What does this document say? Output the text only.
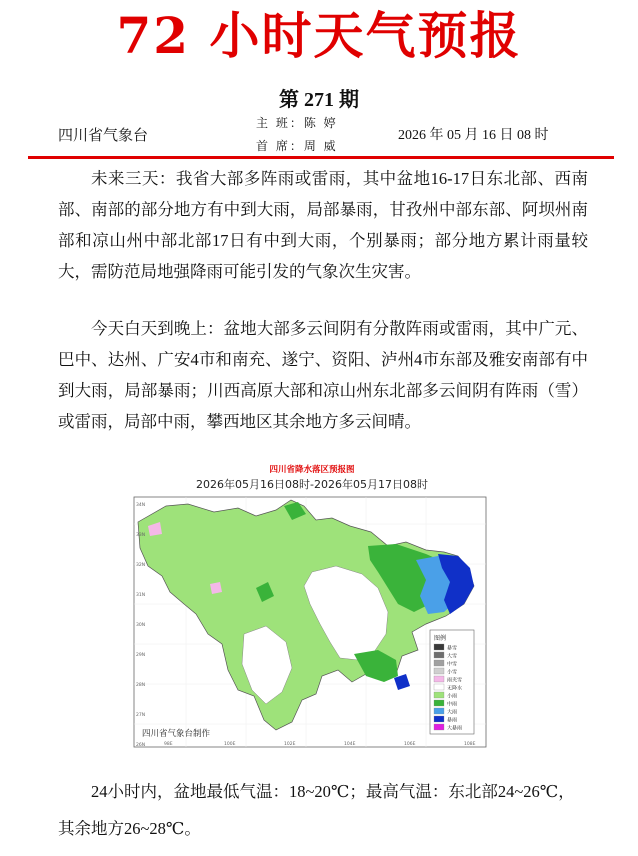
72 小时天气预报
第 271 期
四川省气象台
主 班：陈 婷
首 席：周 威
2026 年 05 月 16 日 08 时
未来三天：我省大部多阵雨或雷雨，其中盆地16-17日东北部、西南部、南部的部分地方有中到大雨，局部暴雨，甘孜州中部东部、阿坝州南部和凉山州中部北部17日有中到大雨，个别暴雨；部分地方累计雨量较大，需防范局地强降雨可能引发的气象次生灾害。
今天白天到晚上：盆地大部多云间阴有分散阵雨或雷雨，其中广元、巴中、达州、广安4市和南充、遂宁、资阳、泸州4市东部及雅安南部有中到大雨，局部暴雨；川西高原大部和凉山州东北部多云间阴有阵雨（雪）或雷雨，局部中雨，攀西地区其余地方多云间晴。
四川省降水落区预报图
2026年05月16日08时-2026年05月17日08时
图例
暴雪
大雪
中雪
小雪
雨夹雪
无降水
小雨
中雨
大雨
暴雨
大暴雨
四川省气象台制作
34N
33N
32N
31N
30N
29N
28N
27N
26N	98E	100E	102E	104E	106E	108E
24小时内，盆地最低气温：18~20℃；最高气温：东北部24~26℃，其余地方26~28℃。
